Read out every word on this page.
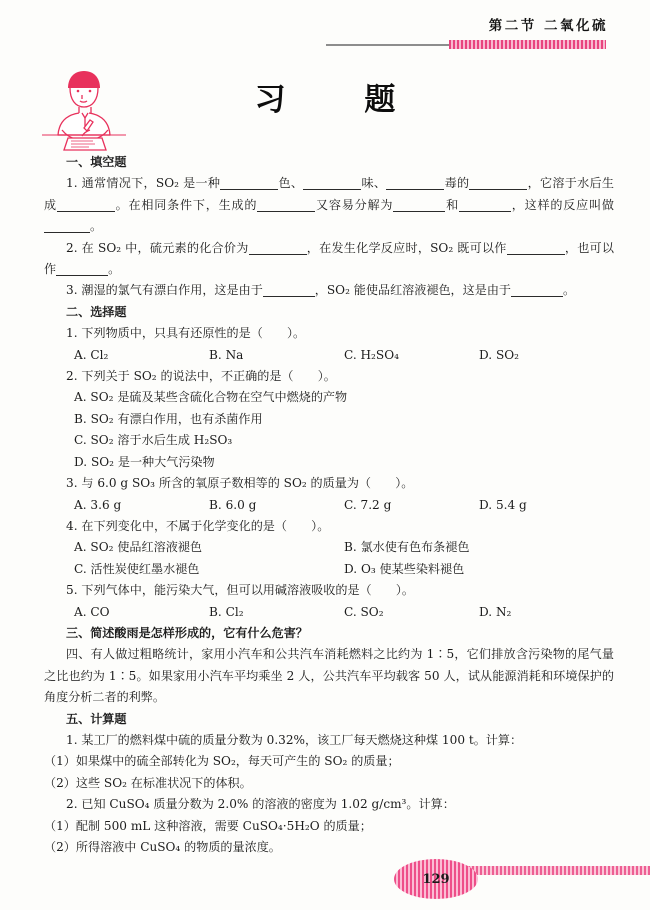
第二节 二氧化硫
习 题

一、填空题

1. 通常情况下，SO₂ 是一种	色、	味、	毒的	，它溶于水后生成	。在相同条件下，生成的	又容易分解为	和	，这样的反应叫做。

2. 在 SO₂ 中，硫元素的化合价为	，在发生化学反应时，SO₂ 既可以作	，也可以作	。

3. 潮湿的氯气有漂白作用，这是由于	，SO₂ 能使品红溶液褪色，这是由于	。

二、选择题

1. 下列物质中，只具有还原性的是（　　）。

A. Cl₂	B. Na	C. H₂SO₄	D. SO₂

2. 下列关于 SO₂ 的说法中，不正确的是（　　）。

A. SO₂ 是硫及某些含硫化合物在空气中燃烧的产物

B. SO₂ 有漂白作用，也有杀菌作用

C. SO₂ 溶于水后生成 H₂SO₃

D. SO₂ 是一种大气污染物

3. 与 6.0 g SO₃ 所含的氧原子数相等的 SO₂ 的质量为（　　）。

A. 3.6 g	B. 6.0 g	C. 7.2 g	D. 5.4 g

4. 在下列变化中，不属于化学变化的是（　　）。

A. SO₂ 使品红溶液褪色	B. 氯水使有色布条褪色

C. 活性炭使红墨水褪色	D. O₃ 使某些染料褪色

5. 下列气体中，能污染大气，但可以用碱溶液吸收的是（　　）。

A. CO	B. Cl₂	C. SO₂	D. N₂

三、简述酸雨是怎样形成的，它有什么危害？

四、有人做过粗略统计，家用小汽车和公共汽车消耗燃料之比约为 1∶5，它们排放含污染物的尾气量之比也约为 1∶5。如果家用小汽车平均乘坐 2 人，公共汽车平均载客 50 人，试从能源消耗和环境保护的角度分析二者的利弊。

五、计算题

1. 某工厂的燃料煤中硫的质量分数为 0.32%，该工厂每天燃烧这种煤 100 t。计算：

（1）如果煤中的硫全部转化为 SO₂，每天可产生的 SO₂ 的质量；

（2）这些 SO₂ 在标准状况下的体积。

2. 已知 CuSO₄ 质量分数为 2.0% 的溶液的密度为 1.02 g/cm³。计算：

（1）配制 500 mL 这种溶液，需要 CuSO₄·5H₂O 的质量；

（2）所得溶液中 CuSO₄ 的物质的量浓度。

129
